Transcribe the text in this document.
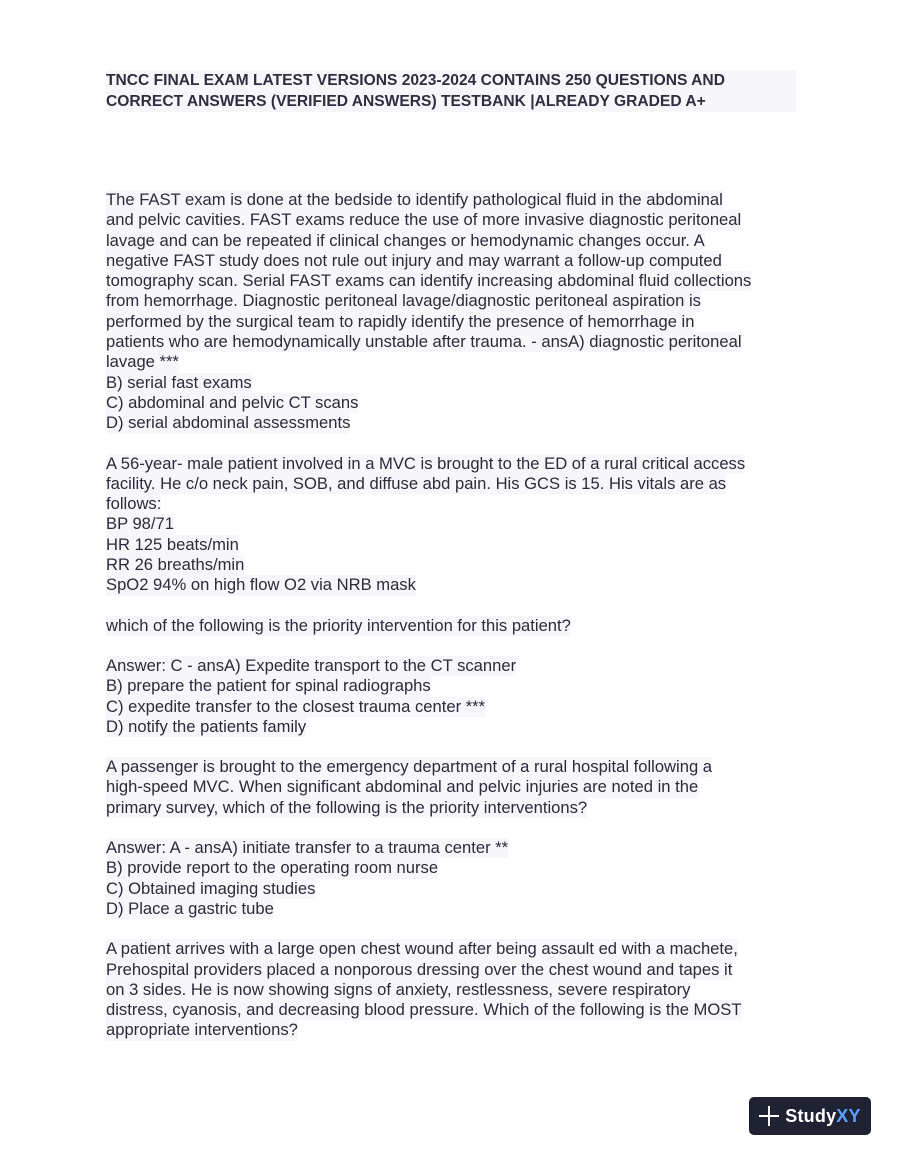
TNCC FINAL EXAM LATEST VERSIONS 2023-2024 CONTAINS 250 QUESTIONS AND
CORRECT ANSWERS (VERIFIED ANSWERS) TESTBANK |ALREADY GRADED A+
The FAST exam is done at the bedside to identify pathological fluid in the abdominal
and pelvic cavities. FAST exams reduce the use of more invasive diagnostic peritoneal
lavage and can be repeated if clinical changes or hemodynamic changes occur. A
negative FAST study does not rule out injury and may warrant a follow-up computed
tomography scan. Serial FAST exams can identify increasing abdominal fluid collections
from hemorrhage. Diagnostic peritoneal lavage/diagnostic peritoneal aspiration is
performed by the surgical team to rapidly identify the presence of hemorrhage in
patients who are hemodynamically unstable after trauma. - ansA) diagnostic peritoneal
lavage ***
B) serial fast exams
C) abdominal and pelvic CT scans
D) serial abdominal assessments
A 56-year- male patient involved in a MVC is brought to the ED of a rural critical access
facility. He c/o neck pain, SOB, and diffuse abd pain. His GCS is 15. His vitals are as
follows:
BP 98/71
HR 125 beats/min
RR 26 breaths/min
SpO2 94% on high flow O2 via NRB mask
which of the following is the priority intervention for this patient?
Answer: C - ansA) Expedite transport to the CT scanner
B) prepare the patient for spinal radiographs
C) expedite transfer to the closest trauma center ***
D) notify the patients family
A passenger is brought to the emergency department of a rural hospital following a
high-speed MVC. When significant abdominal and pelvic injuries are noted in the
primary survey, which of the following is the priority interventions?
Answer: A - ansA) initiate transfer to a trauma center **
B) provide report to the operating room nurse
C) Obtained imaging studies
D) Place a gastric tube
A patient arrives with a large open chest wound after being assault ed with a machete,
Prehospital providers placed a nonporous dressing over the chest wound and tapes it
on 3 sides. He is now showing signs of anxiety, restlessness, severe respiratory
distress, cyanosis, and decreasing blood pressure. Which of the following is the MOST
appropriate interventions?
StudyXY
